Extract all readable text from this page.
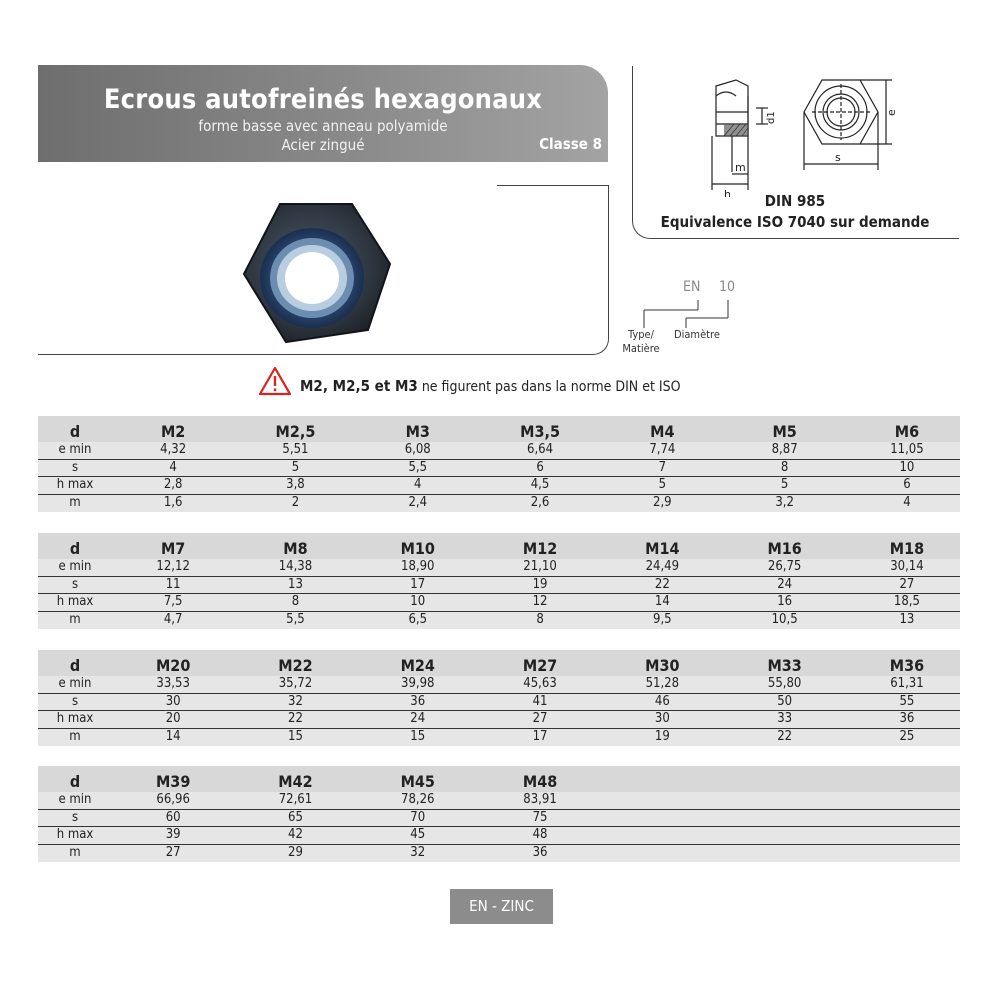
Ecrous autofreinés hexagonaux
forme basse avec anneau polyamide
Acier zingué	Classe 8
h
m
d1
s
e
DIN 985
Equivalence ISO 7040 sur demande
EN 10
Type/
Matière
Diamètre
M2, M2,5 et M3 ne figurent pas dans la norme DIN et ISO
d	M2	M2,5	M3	M3,5	M4	M5	M6
e min	4,32	5,51	6,08	6,64	7,74	8,87	11,05
s	4	5	5,5	6	7	8	10
h max	2,8	3,8	4	4,5	5	5	6
m	1,6	2	2,4	2,6	2,9	3,2	4
d	M7	M8	M10	M12	M14	M16	M18
e min	12,12	14,38	18,90	21,10	24,49	26,75	30,14
s	11	13	17	19	22	24	27
h max	7,5	8	10	12	14	16	18,5
m	4,7	5,5	6,5	8	9,5	10,5	13
d	M20	M22	M24	M27	M30	M33	M36
e min	33,53	35,72	39,98	45,63	51,28	55,80	61,31
s	30	32	36	41	46	50	55
h max	20	22	24	27	30	33	36
m	14	15	15	17	19	22	25
d	M39	M42	M45	M48
e min	66,96	72,61	78,26	83,91
s	60	65	70	75
h max	39	42	45	48
m	27	29	32	36
EN - ZINC
